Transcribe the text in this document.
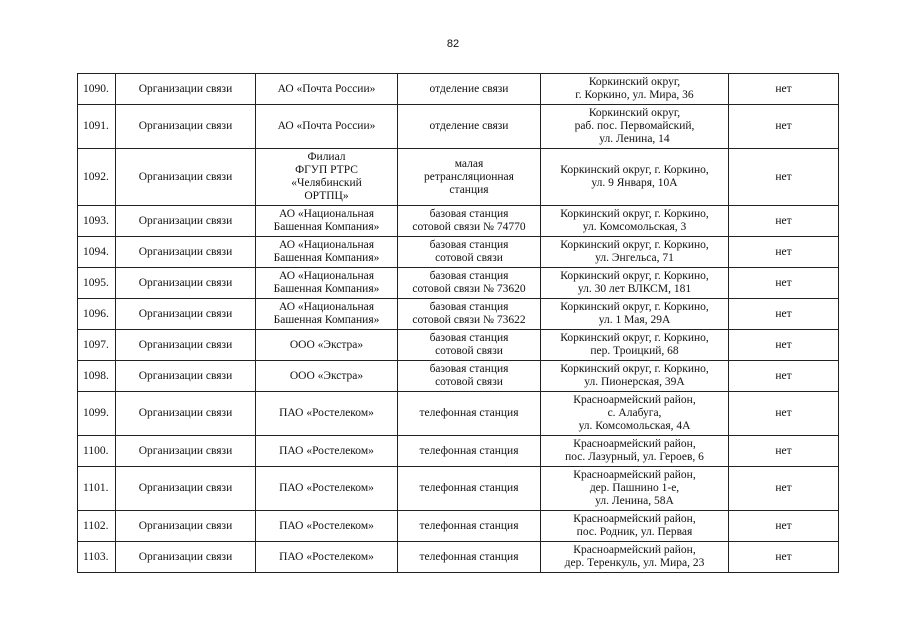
82
1090.	Организации связи	АО «Почта России»	отделение связи	Коркинский округ,
г. Коркино, ул. Мира, 36	нет
1091.	Организации связи	АО «Почта России»	отделение связи	Коркинский округ,
раб. пос. Первомайский,
ул. Ленина, 14	нет
1092.	Организации связи	Филиал
ФГУП РТРС
«Челябинский
ОРТПЦ»	малая
ретрансляционная
станция	Коркинский округ, г. Коркино,
ул. 9 Января, 10А	нет
1093.	Организации связи	АО «Национальная
Башенная Компания»	базовая станция
сотовой связи № 74770	Коркинский округ, г. Коркино,
ул. Комсомольская, 3	нет
1094.	Организации связи	АО «Национальная
Башенная Компания»	базовая станция
сотовой связи	Коркинский округ, г. Коркино,
ул. Энгельса, 71	нет
1095.	Организации связи	АО «Национальная
Башенная Компания»	базовая станция
сотовой связи № 73620	Коркинский округ, г. Коркино,
ул. 30 лет ВЛКСМ, 181	нет
1096.	Организации связи	АО «Национальная
Башенная Компания»	базовая станция
сотовой связи № 73622	Коркинский округ, г. Коркино,
ул. 1 Мая, 29А	нет
1097.	Организации связи	ООО «Экстра»	базовая станция
сотовой связи	Коркинский округ, г. Коркино,
пер. Троицкий, 68	нет
1098.	Организации связи	ООО «Экстра»	базовая станция
сотовой связи	Коркинский округ, г. Коркино,
ул. Пионерская, 39А	нет
1099.	Организации связи	ПАО «Ростелеком»	телефонная станция	Красноармейский район,
с. Алабуга,
ул. Комсомольская, 4А	нет
1100.	Организации связи	ПАО «Ростелеком»	телефонная станция	Красноармейский район,
пос. Лазурный, ул. Героев, 6	нет
1101.	Организации связи	ПАО «Ростелеком»	телефонная станция	Красноармейский район,
дер. Пашнино 1-е,
ул. Ленина, 58А	нет
1102.	Организации связи	ПАО «Ростелеком»	телефонная станция	Красноармейский район,
пос. Родник, ул. Первая	нет
1103.	Организации связи	ПАО «Ростелеком»	телефонная станция	Красноармейский район,
дер. Теренкуль, ул. Мира, 23	нет
